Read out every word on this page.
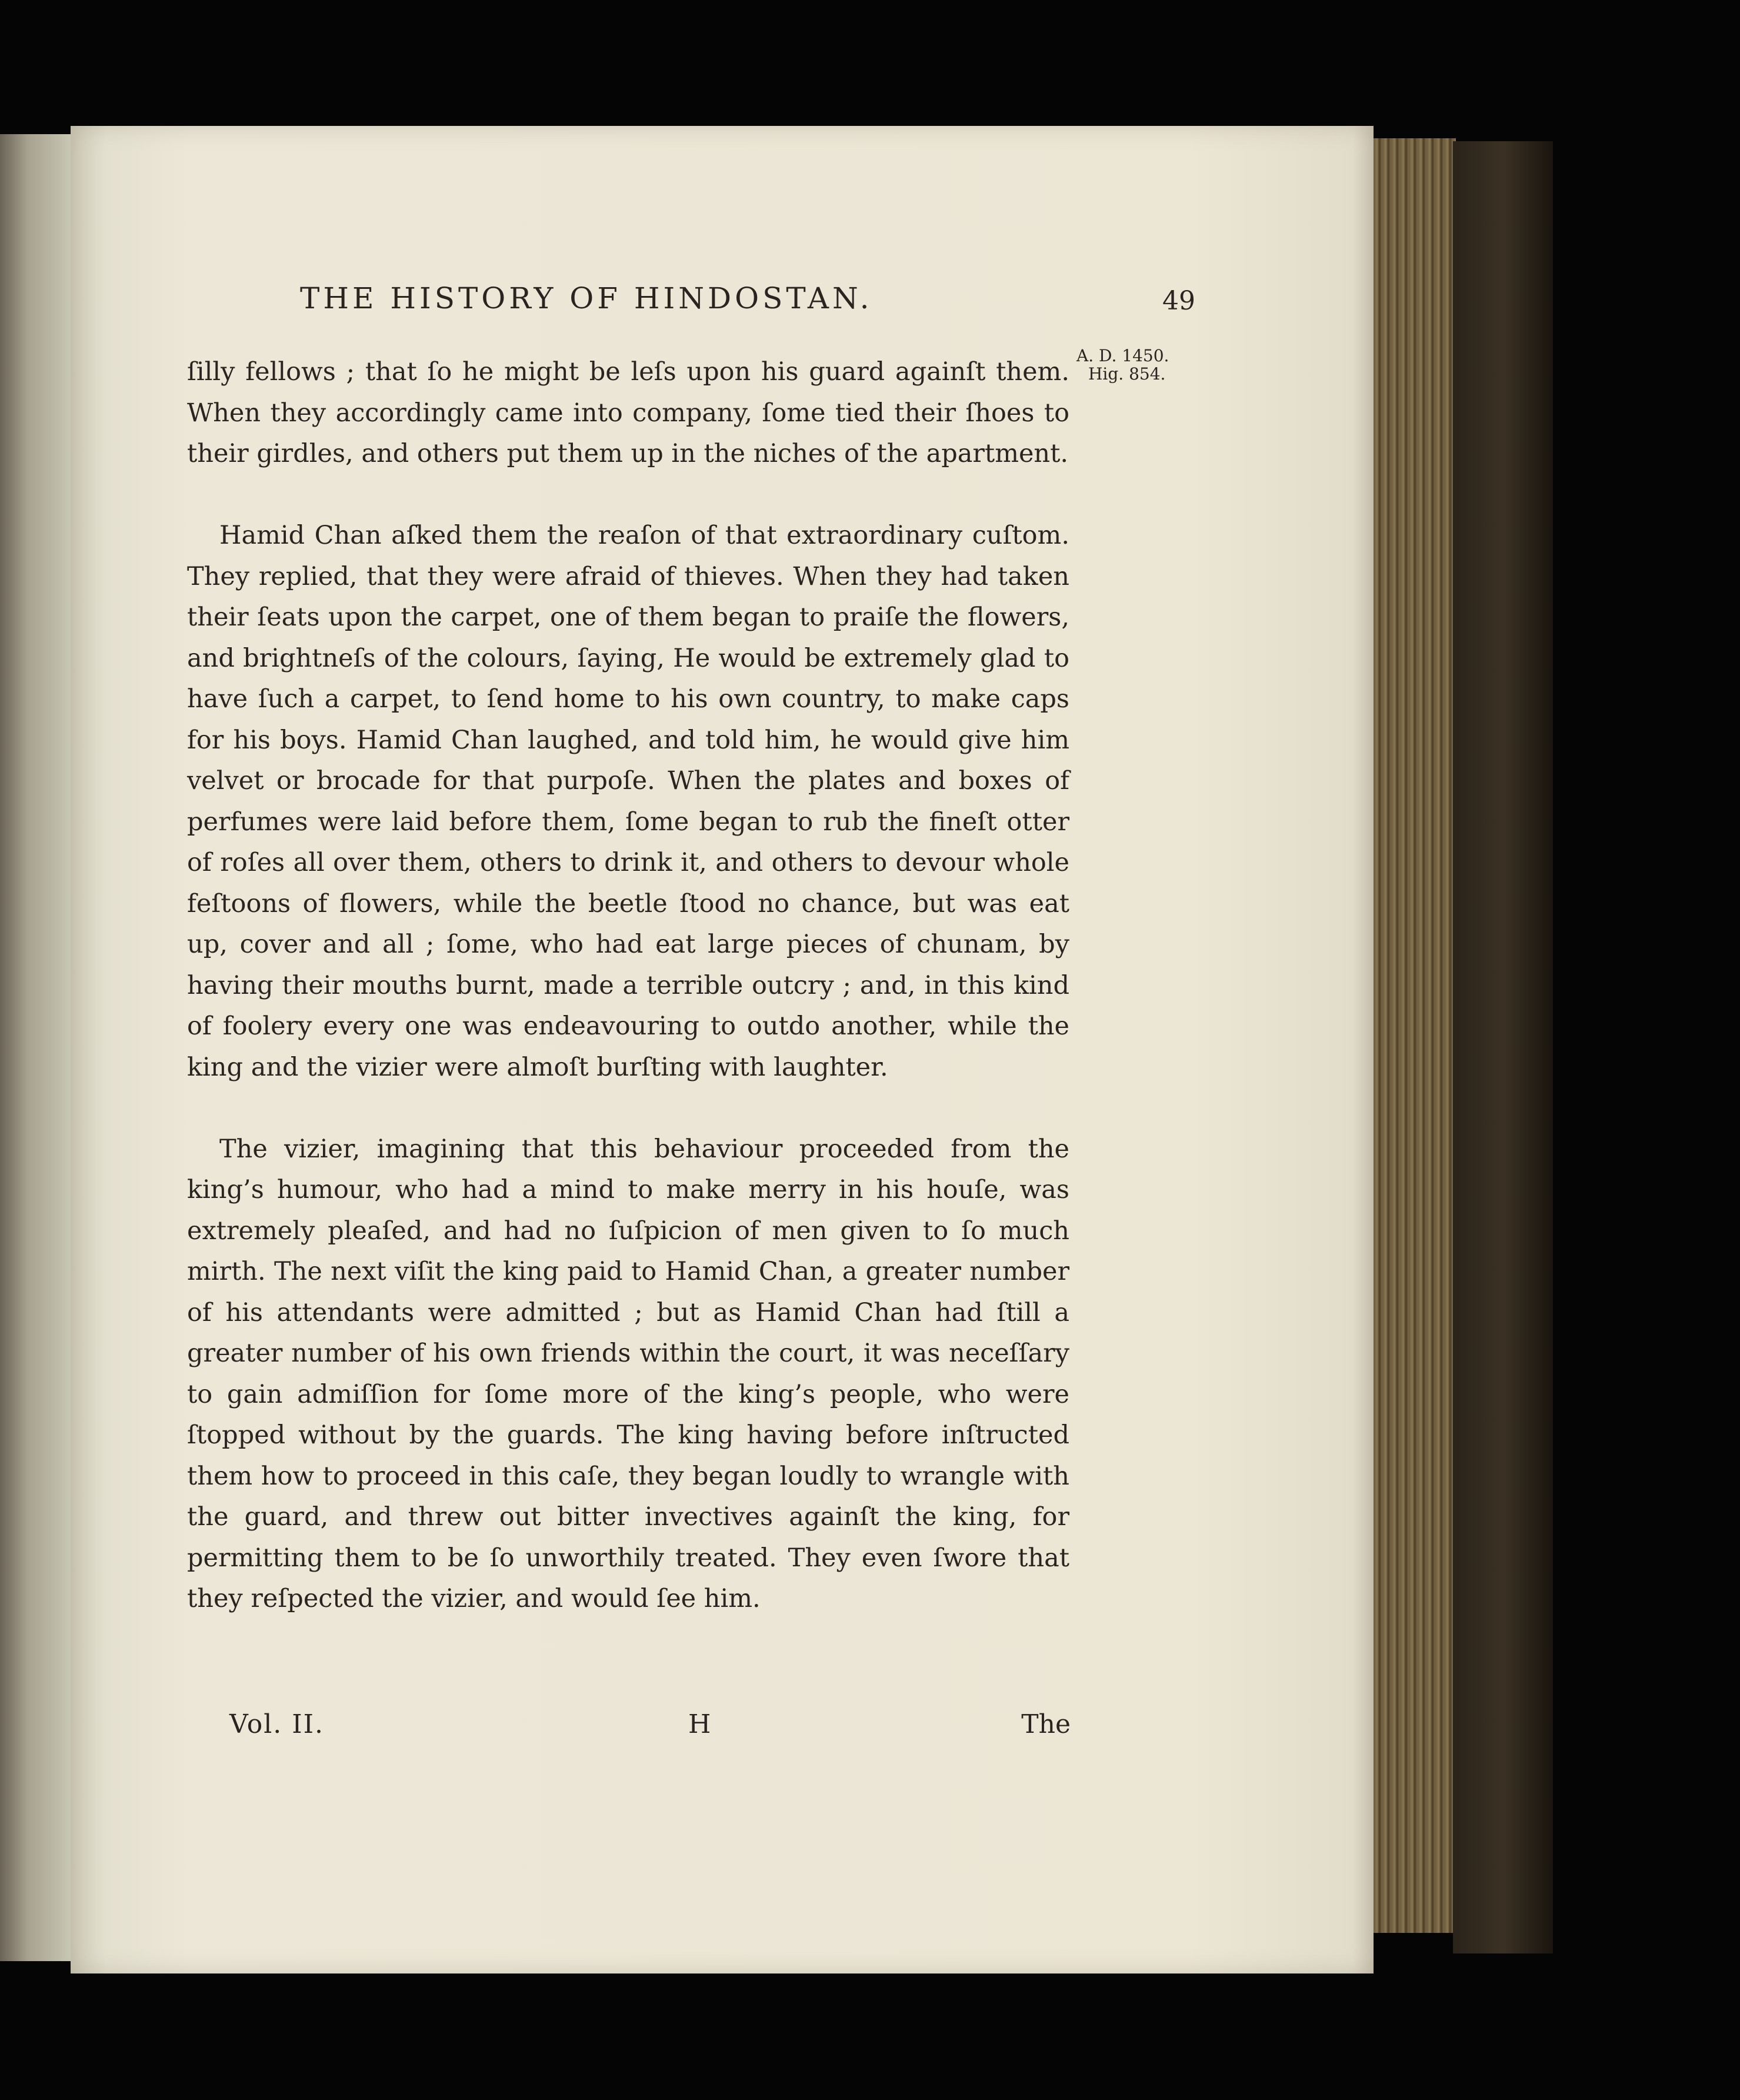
THE HISTORY OF HINDOSTAN.	49
A. D. 1450.
Hig. 854.

ſilly fellows ; that ſo he might be leſs upon his guard againſt them. When they accordingly came into company, ſome tied their ſhoes to their girdles, and others put them up in the niches of the apartment.

Hamid Chan aſked them the reaſon of that extraordinary cuſtom. They replied, that they were afraid of thieves. When they had taken their ſeats upon the carpet, one of them began to praiſe the flowers, and brightneſs of the colours, ſaying, He would be extremely glad to have ſuch a carpet, to ſend home to his own country, to make caps for his boys. Hamid Chan laughed, and told him, he would give him velvet or brocade for that purpoſe. When the plates and boxes of perfumes were laid before them, ſome began to rub the fineſt otter of roſes all over them, others to drink it, and others to devour whole feſtoons of flowers, while the beetle ſtood no chance, but was eat up, cover and all ; ſome, who had eat large pieces of chunam, by having their mouths burnt, made a terrible outcry ; and, in this kind of foolery every one was endeavouring to outdo another, while the king and the vizier were almoſt burſting with laughter.

The vizier, imagining that this behaviour proceeded from the king’s humour, who had a mind to make merry in his houſe, was extremely pleaſed, and had no ſuſpicion of men given to ſo much mirth. The next viſit the king paid to Hamid Chan, a greater number of his attendants were admitted ; but as Hamid Chan had ſtill a greater number of his own friends within the court, it was neceſſary to gain admiſſion for ſome more of the king’s people, who were ſtopped without by the guards. The king having before inſtructed them how to proceed in this caſe, they began loudly to wrangle with the guard, and threw out bitter invectives againſt the king, for permitting them to be ſo unworthily treated. They even ſwore that they reſpected the vizier, and would ſee him.

Vol. II.	H	The
